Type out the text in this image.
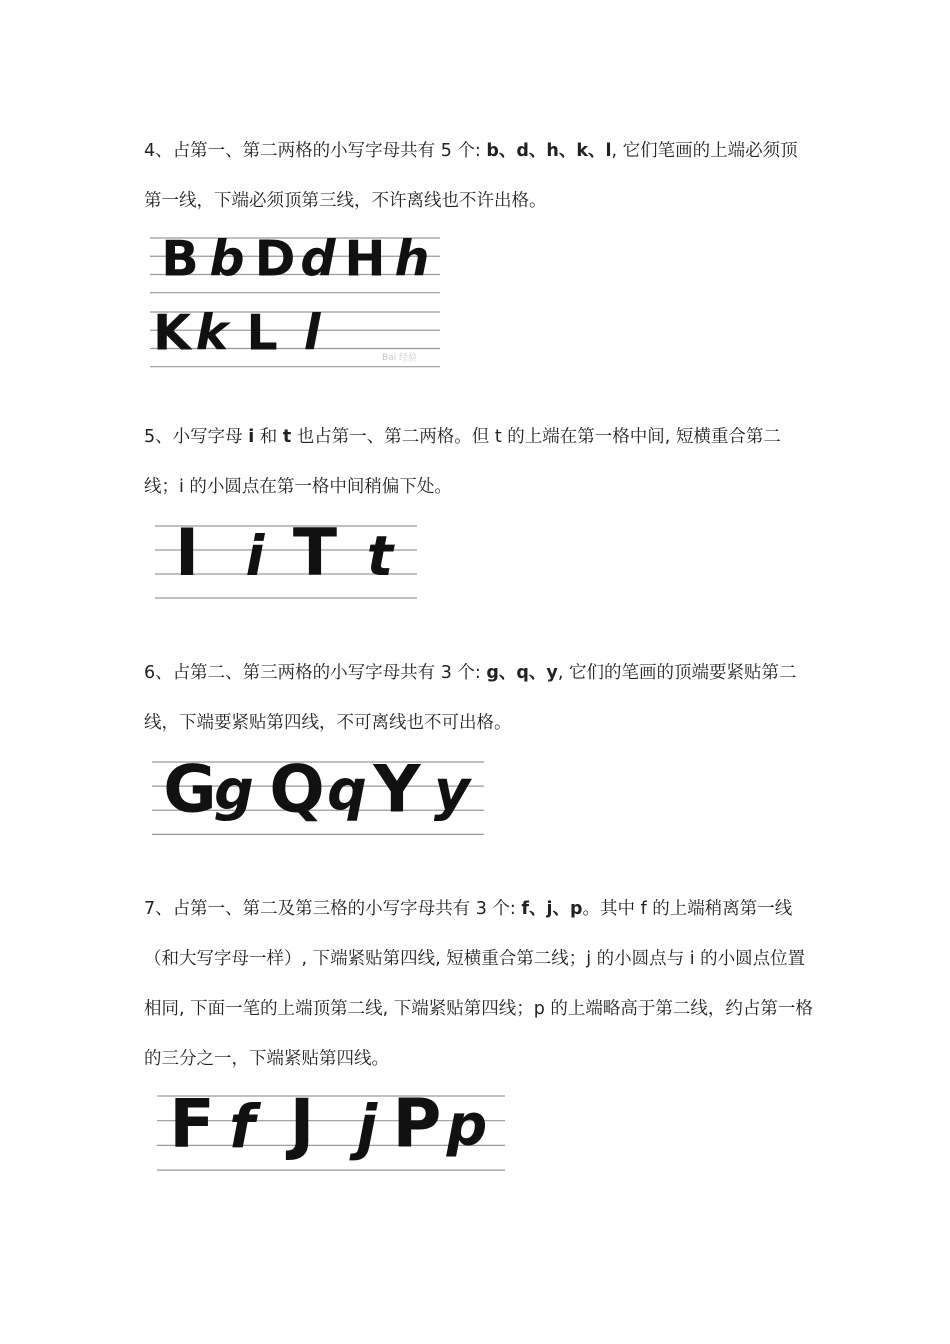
4、占第一、第二两格的小写字母共有 5 个: b、d、h、k、l, 它们笔画的上端必须顶第一线，下端必须顶第三线，不许离线也不许出格。

B b D d H h
K k L l	Bai 经验

5、小写字母 i 和 t 也占第一、第二两格。但 t 的上端在第一格中间, 短横重合第二线；i 的小圆点在第一格中间稍偏下处。

I i T t

6、占第二、第三两格的小写字母共有 3 个: g、q、y, 它们的笔画的顶端要紧贴第二线，下端要紧贴第四线，不可离线也不可出格。

G
g Q q Y y

7、占第一、第二及第三格的小写字母共有 3 个: f、j、p。其中 f 的上端稍离第一线（和大写字母一样）, 下端紧贴第四线, 短横重合第二线；j 的小圆点与 i 的小圆点位置相同, 下面一笔的上端顶第二线, 下端紧贴第四线；p 的上端略高于第二线，约占第一格的三分之一，下端紧贴第四线。

F f J j P p
